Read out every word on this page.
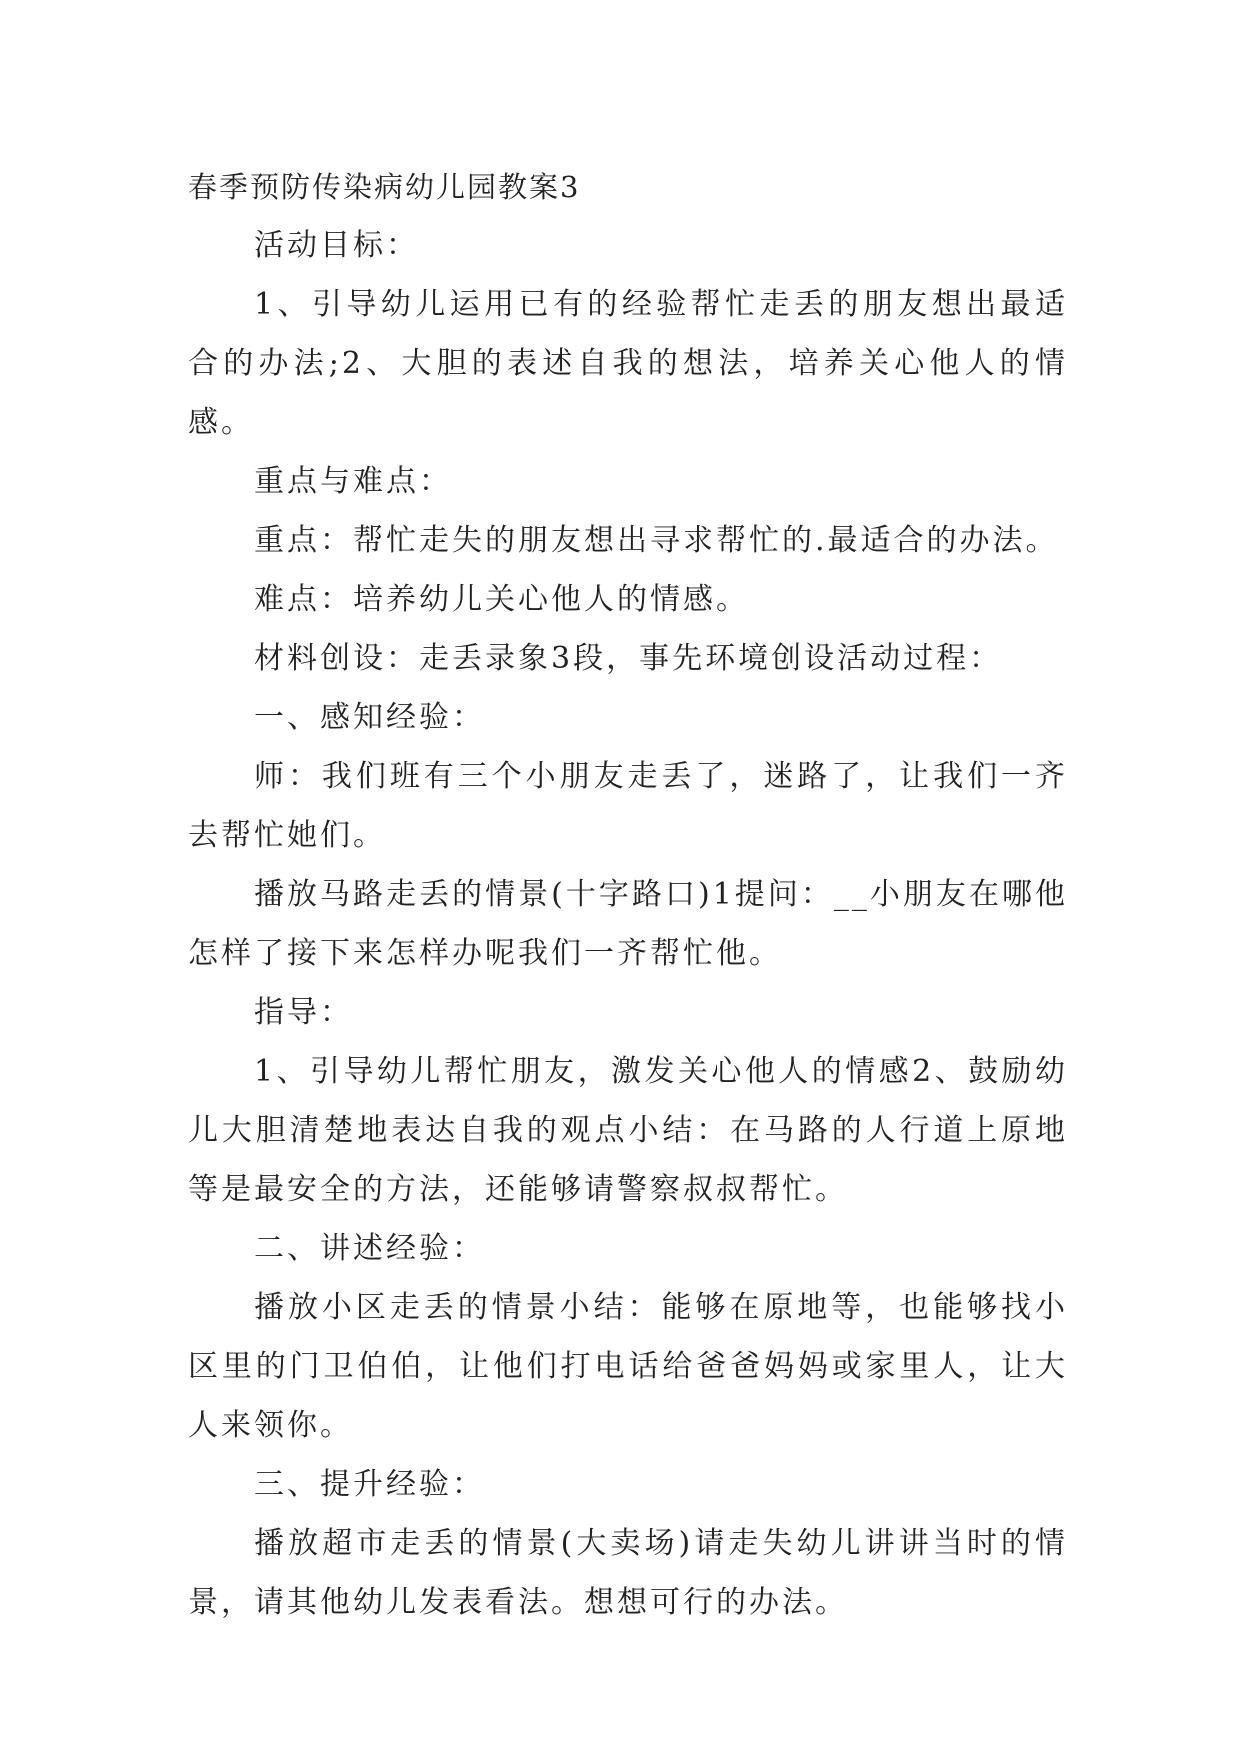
春季预防传染病幼儿园教案3

活动目标：

1、引导幼儿运用已有的经验帮忙走丢的朋友想出最适合的办法;2、大胆的表述自我的想法，培养关心他人的情感。

重点与难点：

重点：帮忙走失的朋友想出寻求帮忙的.最适合的办法。

难点：培养幼儿关心他人的情感。

材料创设：走丢录象3段，事先环境创设活动过程：

一、感知经验：

师：我们班有三个小朋友走丢了，迷路了，让我们一齐去帮忙她们。

播放马路走丢的情景(十字路口)1提问：__小朋友在哪他怎样了接下来怎样办呢我们一齐帮忙他。

指导：

1、引导幼儿帮忙朋友，激发关心他人的情感2、鼓励幼儿大胆清楚地表达自我的观点小结：在马路的人行道上原地等是最安全的方法，还能够请警察叔叔帮忙。

二、讲述经验：

播放小区走丢的情景小结：能够在原地等，也能够找小区里的门卫伯伯，让他们打电话给爸爸妈妈或家里人，让大人来领你。

三、提升经验：

播放超市走丢的情景(大卖场)请走失幼儿讲讲当时的情景，请其他幼儿发表看法。想想可行的办法。
